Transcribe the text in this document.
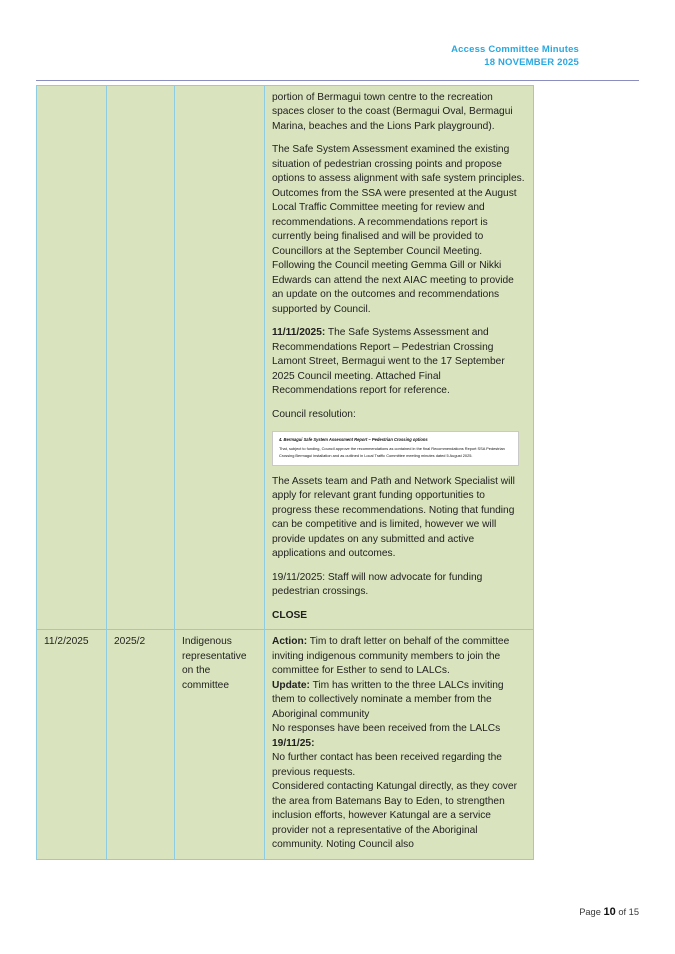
Access Committee Minutes
18 NOVEMBER 2025

portion of Bermagui town centre to the recreation spaces closer to the coast (Bermagui Oval, Bermagui Marina, beaches and the Lions Park playground).

The Safe System Assessment examined the existing situation of pedestrian crossing points and propose options to assess alignment with safe system principles. Outcomes from the SSA were presented at the August Local Traffic Committee meeting for review and recommendations. A recommendations report is currently being finalised and will be provided to Councillors at the September Council Meeting. Following the Council meeting Gemma Gill or Nikki Edwards can attend the next AIAC meeting to provide an update on the outcomes and recommendations supported by Council.

11/11/2025: The Safe Systems Assessment and Recommendations Report – Pedestrian Crossing Lamont Street, Bermagui went to the 17 September 2025 Council meeting. Attached Final Recommendations report for reference.

Council resolution:

4. Bermagui Safe System Assessment Report – Pedestrian Crossing options

That, subject to funding, Council approve the recommendations as contained in the final Recommendations Report SSA Pedestrian Crossing Bermagui installation and as outlined in Local Traffic Committee meeting minutes dated 5 August 2025.

The Assets team and Path and Network Specialist will apply for relevant grant funding opportunities to progress these recommendations. Noting that funding can be competitive and is limited, however we will provide updates on any submitted and active applications and outcomes.

19/11/2025: Staff will now advocate for funding pedestrian crossings.

CLOSE

11/2/2025	2025/2	Indigenous representative on the committee	

Action: Tim to draft letter on behalf of the committee inviting indigenous community members to join the committee for Esther to send to LALCs.

Update: Tim has written to the three LALCs inviting them to collectively nominate a member from the Aboriginal community

No responses have been received from the LALCs

19/11/25:

No further contact has been received regarding the previous requests.

Considered contacting Katungal directly, as they cover the area from Batemans Bay to Eden, to strengthen inclusion efforts, however Katungal are a service provider not a representative of the Aboriginal community. Noting Council also

Page 10 of 15
